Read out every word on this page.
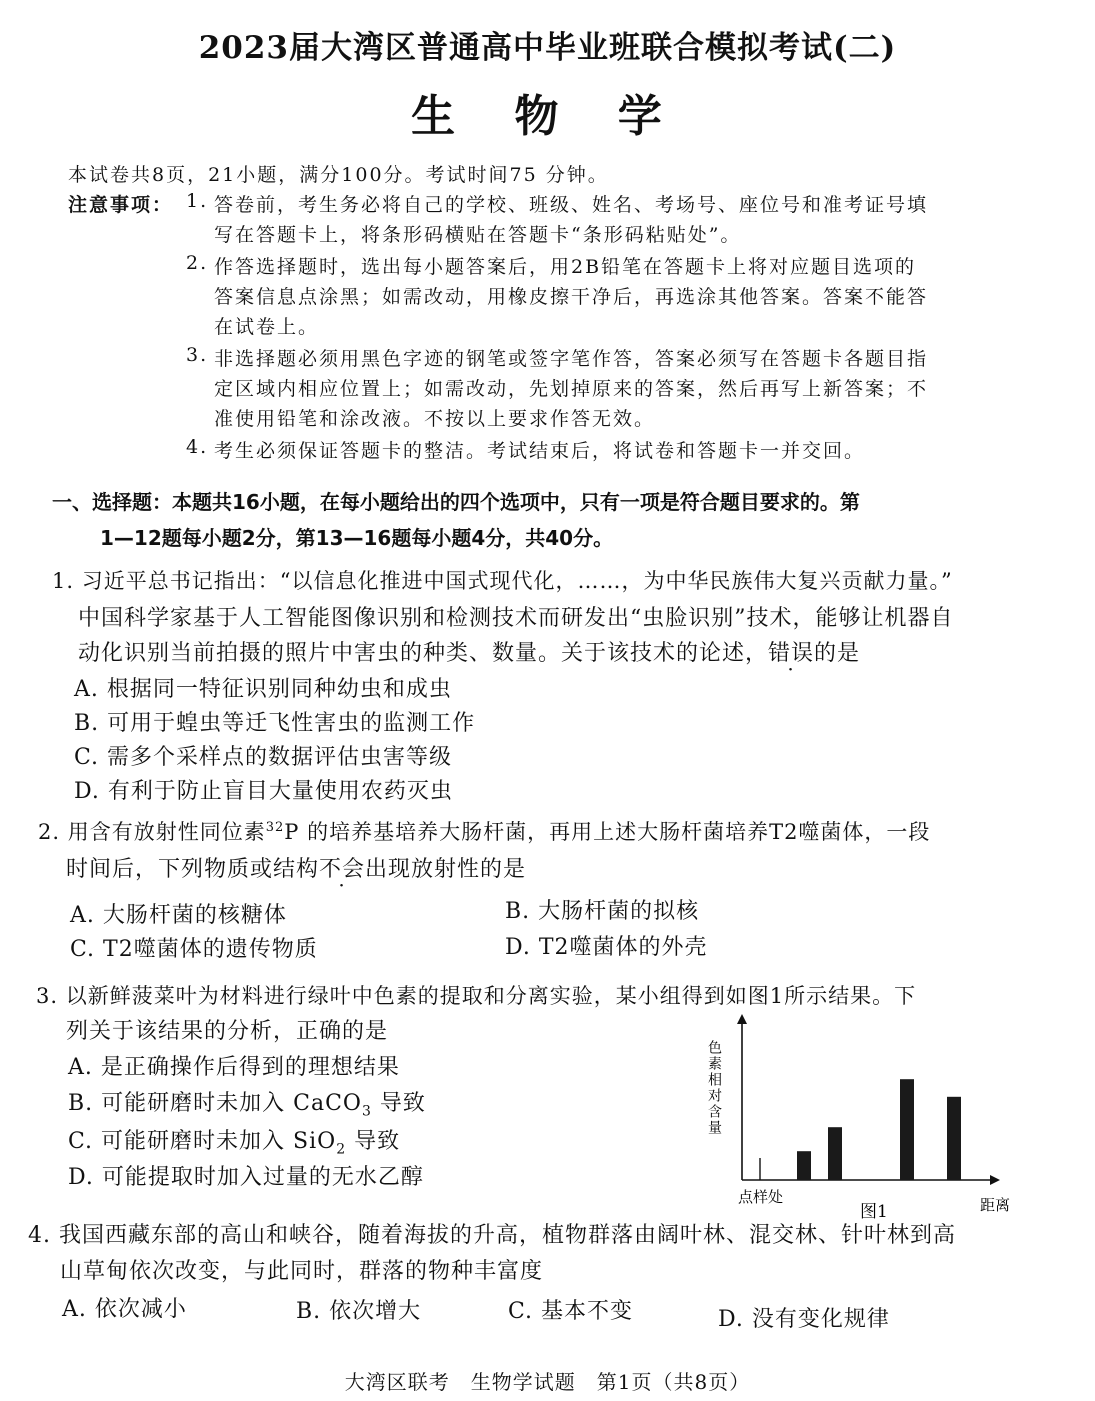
2023届大湾区普通高中毕业班联合模拟考试(二)
生 物 学
本试卷共8页，21小题，满分100分。考试时间75 分钟。
注意事项： 1. 答卷前，考生务必将自己的学校、班级、姓名、考场号、座位号和准考证号填
写在答题卡上，将条形码横贴在答题卡“条形码粘贴处”。
2. 作答选择题时，选出每小题答案后，用2B铅笔在答题卡上将对应题目选项的
答案信息点涂黑；如需改动，用橡皮擦干净后，再选涂其他答案。答案不能答
在试卷上。
3. 非选择题必须用黑色字迹的钢笔或签字笔作答，答案必须写在答题卡各题目指
定区域内相应位置上；如需改动，先划掉原来的答案，然后再写上新答案；不
准使用铅笔和涂改液。不按以上要求作答无效。
4. 考生必须保证答题卡的整洁。考试结束后，将试卷和答题卡一并交回。
一、选择题：本题共16小题，在每小题给出的四个选项中，只有一项是符合题目要求的。第
1—12题每小题2分，第13—16题每小题4分，共40分。
1. 习近平总书记指出：“以信息化推进中国式现代化，……，为中华民族伟大复兴贡献力量。”
中国科学家基于人工智能图像识别和检测技术而研发出“虫脸识别”技术，能够让机器自
动化识别当前拍摄的照片中害虫的种类、数量。关于该技术的论述，错误的是
A. 根据同一特征识别同种幼虫和成虫
B. 可用于蝗虫等迁飞性害虫的监测工作
C. 需多个采样点的数据评估虫害等级
D. 有利于防止盲目大量使用农药灭虫
2. 用含有放射性同位素$^{32}$P 的培养基培养大肠杆菌，再用上述大肠杆菌培养T2噬菌体，一段
时间后，下列物质或结构不会出现放射性的是
A. 大肠杆菌的核糖体	B. 大肠杆菌的拟核
C. T2噬菌体的遗传物质	D. T2噬菌体的外壳
3. 以新鲜菠菜叶为材料进行绿叶中色素的提取和分离实验，某小组得到如图1所示结果。下
列关于该结果的分析，正确的是
A. 是正确操作后得到的理想结果
B. 可能研磨时未加入 CaCO$_3$ 导致
C. 可能研磨时未加入 SiO$_2$ 导致
D. 可能提取时加入过量的无水乙醇
色素相对含量
点样处
图1	距离
4. 我国西藏东部的高山和峡谷，随着海拔的升高，植物群落由阔叶林、混交林、针叶林到高
山草甸依次改变，与此同时，群落的物种丰富度
A. 依次减小	B. 依次增大	C. 基本不变	D. 没有变化规律
大湾区联考　生物学试题　第1页（共8页）
